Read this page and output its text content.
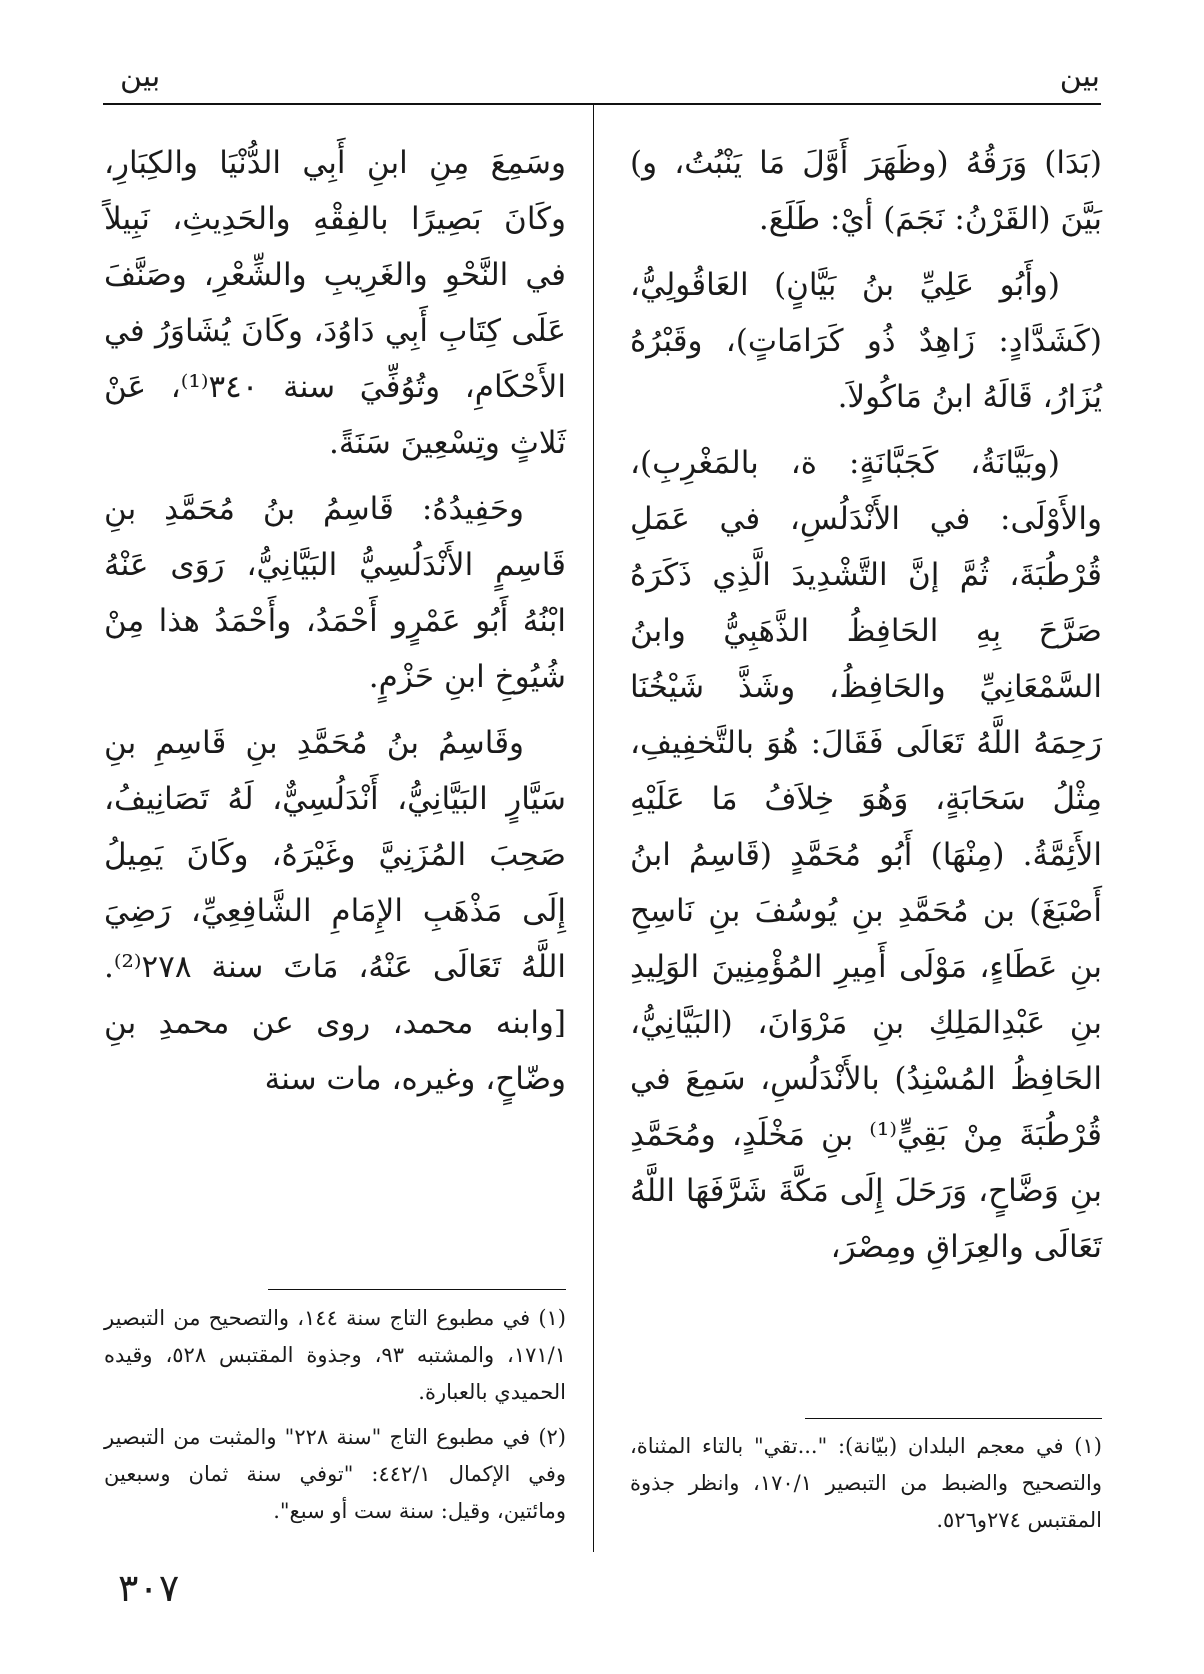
بين
بين

(بَدَا) وَرَقُهُ (وظَهَرَ أَوَّلَ مَا يَنْبُتُ، و) بَيَّنَ (القَرْنُ: نَجَمَ) أيْ: طَلَعَ.

(وأَبُو عَلِيِّ بنُ بَيَّانٍ) العَاقُولِيُّ، (كَشَدَّادٍ: زَاهِدٌ ذُو كَرَامَاتٍ)، وقَبْرُهُ يُزَارُ، قَالَهُ ابنُ مَاكُولاَ.

(وبَيَّانَةُ، كَجَبَّانَةٍ: ة، بالمَغْرِبِ)، والأَوْلَى: في الأَنْدَلُسِ، في عَمَلِ قُرْطُبَةَ، ثُمَّ إنَّ التَّشْدِيدَ الَّذِي ذَكَرَهُ صَرَّحَ بِهِ الحَافِظُ الذَّهَبِيُّ وابنُ السَّمْعَانِيِّ والحَافِظُ، وشَذَّ شَيْخُنَا رَحِمَهُ اللَّهُ تَعَالَى فَقَالَ: هُوَ بالتَّخفِيفِ، مِثْلُ سَحَابَةٍ، وَهُوَ خِلاَفُ مَا عَلَيْهِ الأَئِمَّةُ. (مِنْهَا) أَبُو مُحَمَّدٍ (قَاسِمُ ابنُ أَصْبَغَ) بن مُحَمَّدِ بنِ يُوسُفَ بنِ نَاسِحِ بنِ عَطَاءٍ، مَوْلَى أَمِيرِ المُؤْمِنِينَ الوَلِيدِ بنِ عَبْدِالمَلِكِ بنِ مَرْوَانَ، (البَيَّانِيُّ، الحَافِظُ المُسْنِدُ) بالأَنْدَلُسِ، سَمِعَ في قُرْطُبَةَ مِنْ بَقِيٍّ⁽¹⁾ بنِ مَخْلَدٍ، ومُحَمَّدِ بنِ وَضَّاحٍ، وَرَحَلَ إِلَى مَكَّةَ شَرَّفَهَا اللَّهُ تَعَالَى والعِرَاقِ ومِصْرَ،

(١) في معجم البلدان (بيّانة): "...تقي" بالتاء المثناة، والتصحيح والضبط من التبصير ١٧٠/١، وانظر جذوة المقتبس ٢٧٤و٥٢٦.

وسَمِعَ مِنِ ابنِ أَبِي الدُّنْيَا والكِبَارِ، وكَانَ بَصِيرًا بالفِقْهِ والحَدِيثِ، نَبِيلاً في النَّحْوِ والغَرِيبِ والشِّعْرِ، وصَنَّفَ عَلَى كِتَابِ أَبِي دَاوُدَ، وكَانَ يُشَاوَرُ في الأَحْكَامِ، وتُوُفِّيَ سنة ٣٤٠⁽¹⁾، عَنْ ثَلاثٍ وتِسْعِينَ سَنَةً.

وحَفِيدُهُ: قَاسِمُ بنُ مُحَمَّدِ بنِ قَاسِمٍ الأَنْدَلُسِيُّ البَيَّانِيُّ، رَوَى عَنْهُ ابْنُهُ أَبُو عَمْرٍو أَحْمَدُ، وأَحْمَدُ هذا مِنْ شُيُوخِ ابنِ حَزْمٍ.

وقَاسِمُ بنُ مُحَمَّدِ بنِ قَاسِمِ بنِ سَيَّارٍ البَيَّانِيُّ، أَنْدَلُسِيٌّ، لَهُ تَصَانِيفُ، صَحِبَ المُزَنِيَّ وغَيْرَهُ، وكَانَ يَمِيلُ إِلَى مَذْهَبِ الإِمَامِ الشَّافِعِيِّ، رَضِيَ اللَّهُ تَعَالَى عَنْهُ، مَاتَ سنة ٢٧٨⁽²⁾. [وابنه محمد، روى عن محمدِ بنِ وضّاحٍ، وغيره، مات سنة

(١) في مطبوع التاج سنة ١٤٤، والتصحيح من التبصير ١٧١/١، والمشتبه ٩٣، وجذوة المقتبس ٥٢٨، وقيده الحميدي بالعبارة.

(٢) في مطبوع التاج "سنة ٢٢٨" والمثبت من التبصير وفي الإكمال ٤٤٢/١: "توفي سنة ثمان وسبعين ومائتين، وقيل: سنة ست أو سبع".

٣٠٧
